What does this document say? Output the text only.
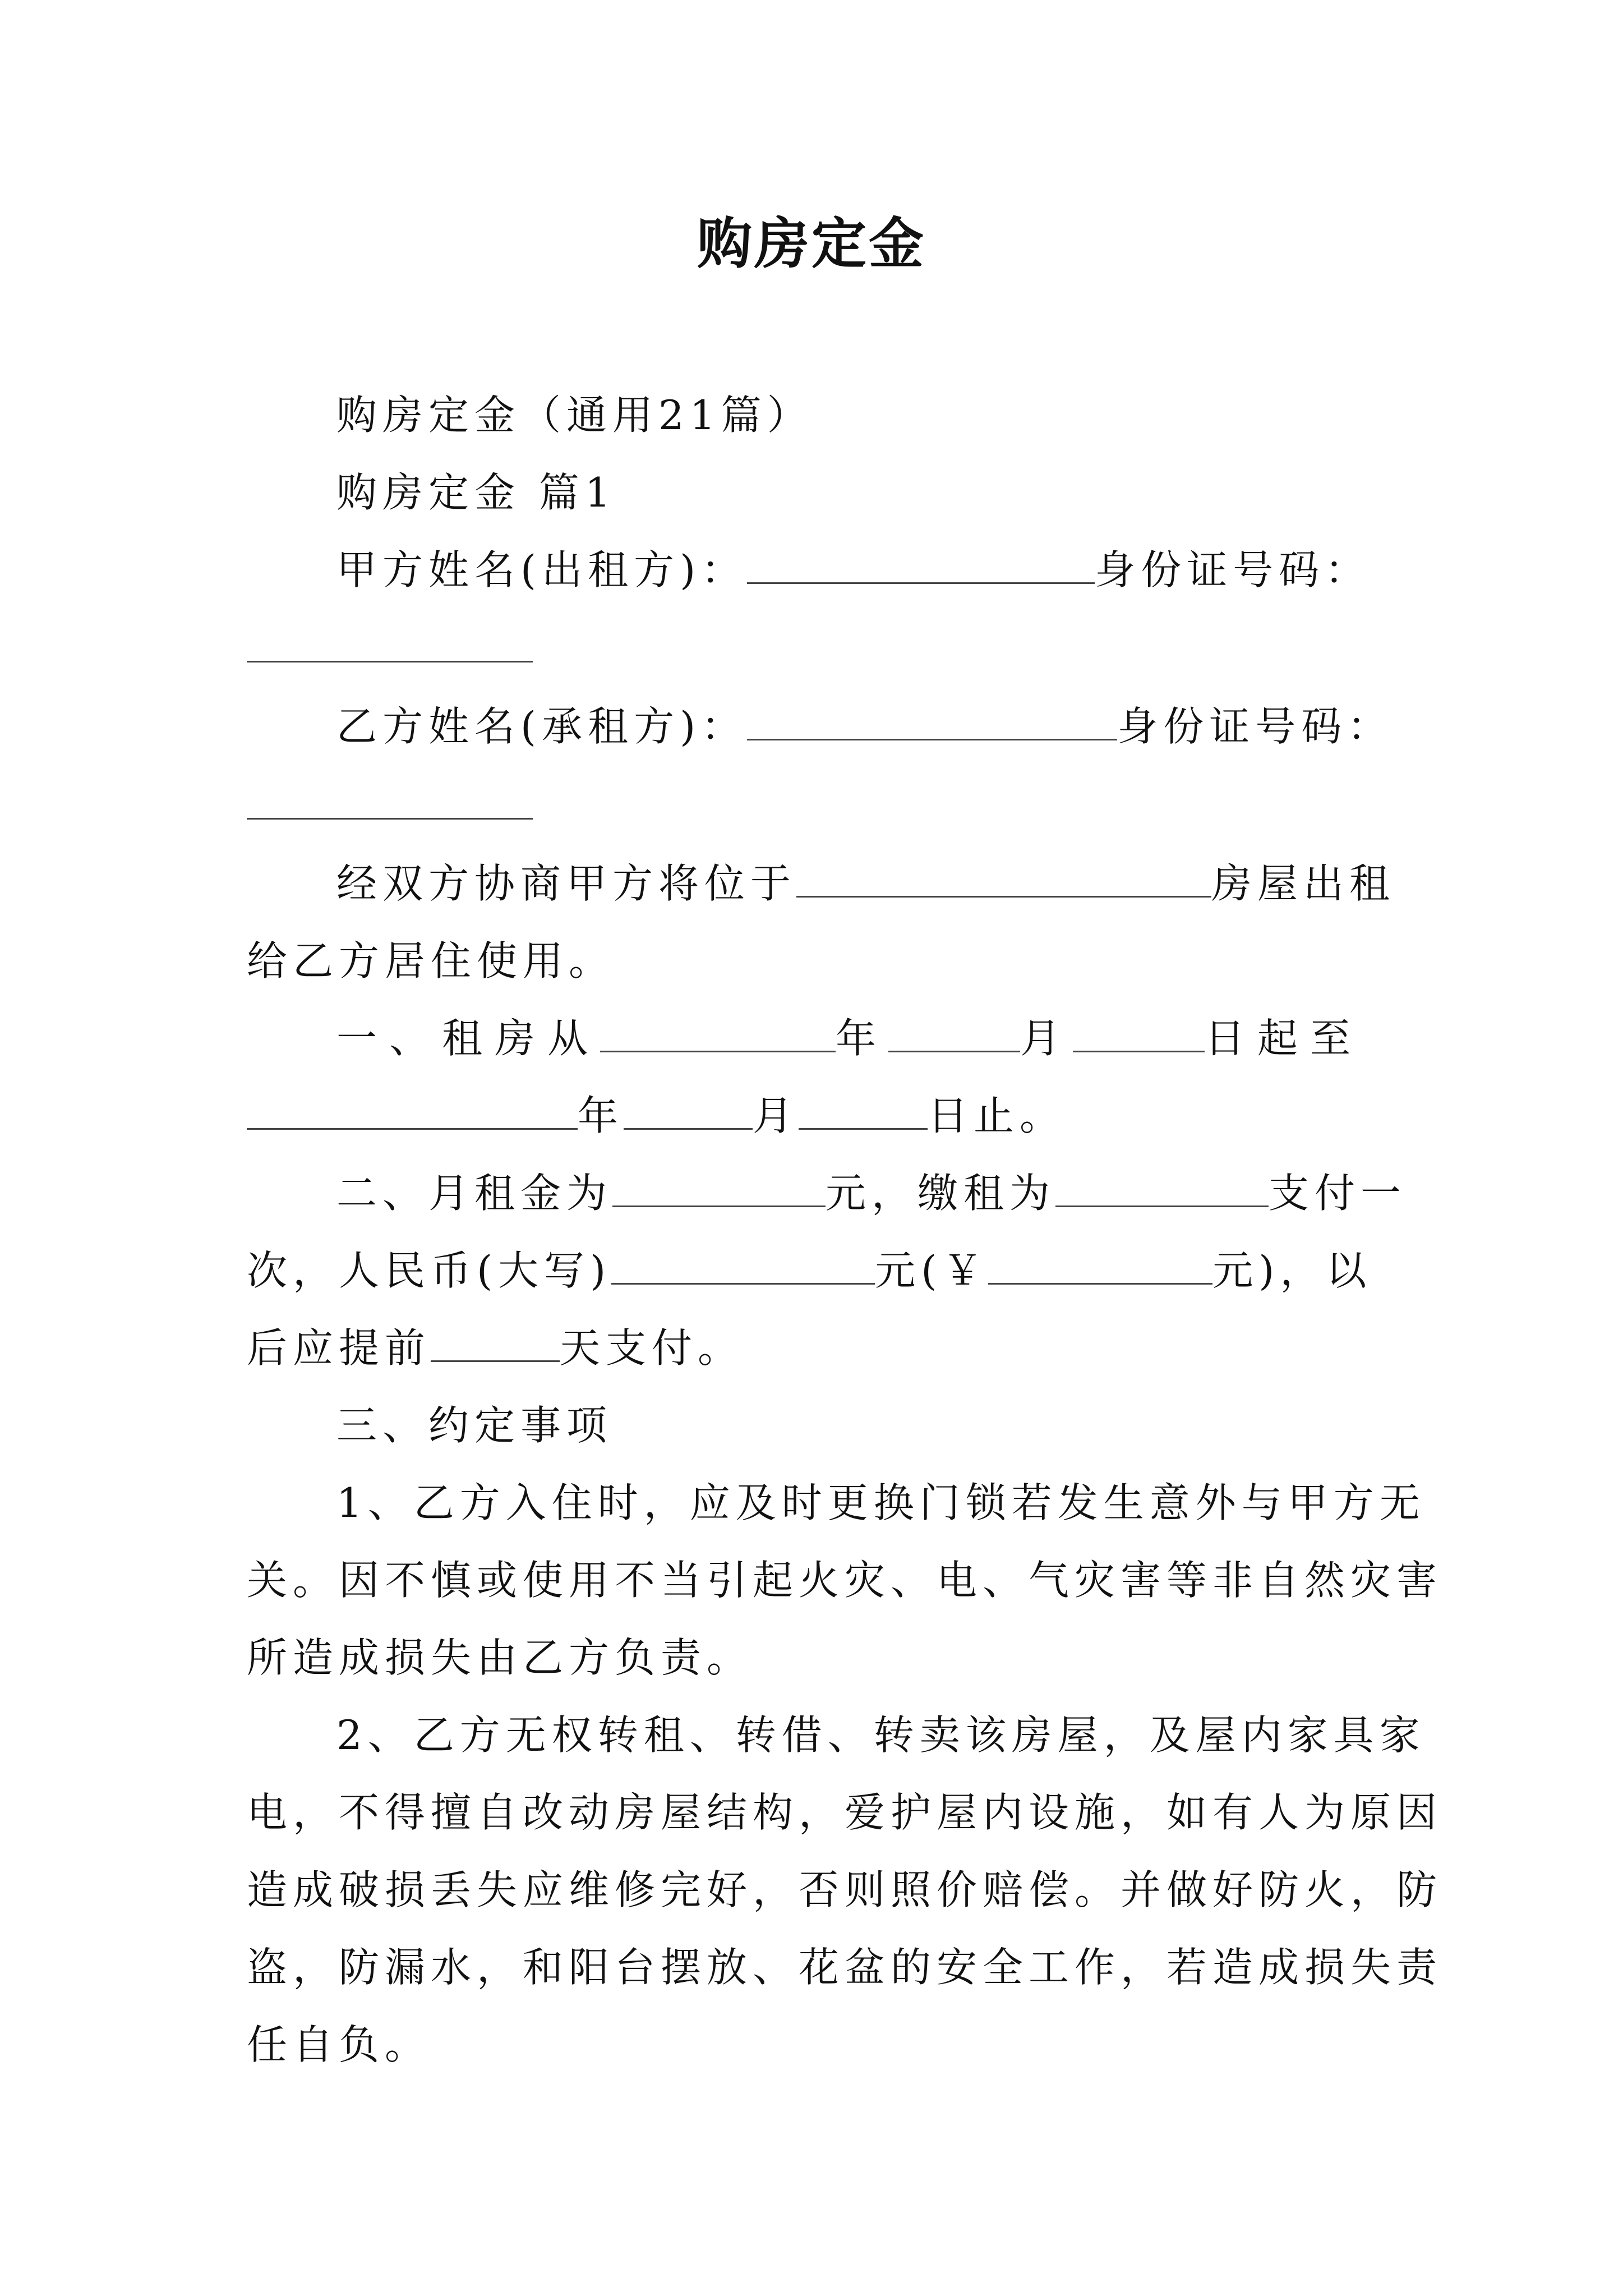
购房定金
购房定金（通用21篇）
购房定金 篇1
甲方姓名(出租方)：	身份证号码：
乙方姓名(承租方)：	身份证号码：
经双方协商甲方将位于	房屋出租
给乙方居住使用。
一、租房从	年	月	日起至
年	月	日止。
二、月租金为	元，缴租为	支付一
次，人民币(大写)	元(￥	元)，以
后应提前	天支付。
三、约定事项
1、乙方入住时，应及时更换门锁若发生意外与甲方无
关。因不慎或使用不当引起火灾、电、气灾害等非自然灾害
所造成损失由乙方负责。
2、乙方无权转租、转借、转卖该房屋，及屋内家具家
电，不得擅自改动房屋结构，爱护屋内设施，如有人为原因
造成破损丢失应维修完好，否则照价赔偿。并做好防火，防
盗，防漏水，和阳台摆放、花盆的安全工作，若造成损失责
任自负。
